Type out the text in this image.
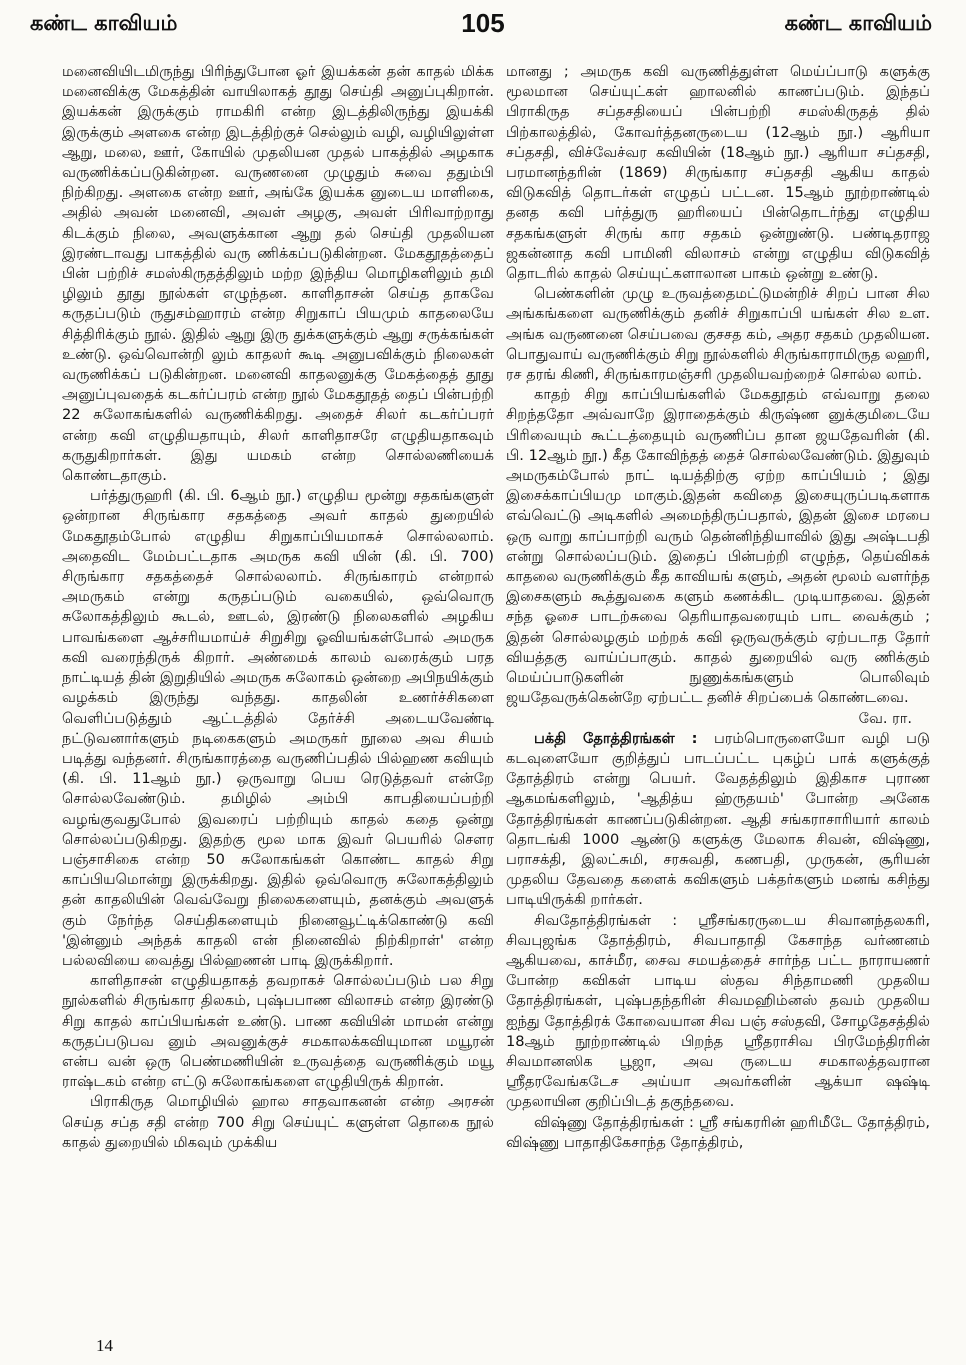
கண்ட காவியம்	105	கண்ட காவியம்

மனைவியிடமிருந்து பிரிந்துபோன ஓர் இயக்கன் தன் காதல் மிக்க மனைவிக்கு மேகத்தின் வாயிலாகத் தூது செய்தி அனுப்புகிறான். இயக்கன் இருக்கும் ராமகிரி என்ற இடத்திலிருந்து இயக்கி இருக்கும் அளகை என்ற இடத்திற்குச் செல்லும் வழி, வழியிலுள்ள ஆறு, மலை, ஊர், கோயில் முதலியன முதல் பாகத்தில் அழகாக வருணிக்கப்படுகின்றன. வருணனை முழுதும் சுவை ததும்பி நிற்கிறது. அளகை என்ற ஊர், அங்கே இயக்க னுடைய மாளிகை, அதில் அவன் மனைவி, அவள் அழகு, அவள் பிரிவாற்றாது கிடக்கும் நிலை, அவளுக்கான ஆறு தல் செய்தி முதலியன இரண்டாவது பாகத்தில் வரு ணிக்கப்படுகின்றன. மேகதூதத்தைப் பின் பற்றிச் சமஸ்கிருதத்திலும் மற்ற இந்திய மொழிகளிலும் தமி ழிலும் தூது நூல்கள் எழுந்தன. காளிதாசன் செய்த தாகவே கருதப்படும் ருதுசம்ஹாரம் என்ற சிறுகாப் பியமும் காதலையே சித்திரிக்கும் நூல். இதில் ஆறு இரு துக்களுக்கும் ஆறு சருக்கங்கள் உண்டு. ஒவ்வொன்றி லும் காதலர் கூடி அனுபவிக்கும் நிலைகள் வருணிக்கப் படுகின்றன. மனைவி காதலனுக்கு மேகத்தைத் தூது அனுப்புவதைக் கடகர்ப்பரம் என்ற நூல் மேகதூதத் தைப் பின்பற்றி 22 சுலோகங்களில் வருணிக்கிறது. அதைச் சிலர் கடகர்ப்பரர் என்ற கவி எழுதியதாயும், சிலர் காளிதாசரே எழுதியதாகவும் கருதுகிறார்கள். இது யமகம் என்ற சொல்லணியைக் கொண்டதாகும்.

பர்த்துருஹரி (கி. பி. 6ஆம் நூ.) எழுதிய மூன்று சதகங்களுள் ஒன்றான சிருங்கார சதகத்தை அவர் காதல் துறையில் மேகதூதம்போல் எழுதிய சிறுகாப்பியமாகச் சொல்லலாம். அதைவிட மேம்பட்டதாக அமருக கவி யின் (கி. பி. 700) சிருங்கார சதகத்தைச் சொல்லலாம். சிருங்காரம் என்றால் அமருகம் என்று கருதப்படும் வகையில், ஒவ்வொரு சுலோகத்திலும் கூடல், ஊடல், இரண்டு நிலைகளில் அழகிய பாவங்களை ஆச்சரியமாய்ச் சிறுசிறு ஓவியங்கள்போல் அமருக கவி வரைந்திருக் கிறார். அண்மைக் காலம் வரைக்கும் பரத நாட்டியத் தின் இறுதியில் அமருக சுலோகம் ஒன்றை அபிநயிக்கும் வழக்கம் இருந்து வந்தது. காதலின் உணர்ச்சிகளை வெளிப்படுத்தும் ஆட்டத்தில் தேர்ச்சி அடையவேண்டி நட்டுவனார்களும் நடிகைகளும் அமருகர் நூலை அவ சியம் படித்து வந்தனர். சிருங்காரத்தை வருணிப்பதில் பில்ஹண கவியும் (கி. பி. 11ஆம் நூ.) ஒருவாறு பெய ரெடுத்தவர் என்றே சொல்லவேண்டும். தமிழில் அம்பி காபதியைப்பற்றி வழங்குவதுபோல் இவரைப் பற்றியும் காதல் கதை ஒன்று சொல்லப்படுகிறது. இதற்கு மூல மாக இவர் பெயரில் சௌர பஞ்சாசிகை என்ற 50 சுலோகங்கள் கொண்ட காதல் சிறு காப்பியமொன்று இருக்கிறது. இதில் ஒவ்வொரு சுலோகத்திலும் தன் காதலியின் வெவ்வேறு நிலைகளையும், தனக்கும் அவளுக் கும் நேர்ந்த செய்திகளையும் நினைவூட்டிக்கொண்டு கவி 'இன்னும் அந்தக் காதலி என் நினைவில் நிற்கிறாள்' என்ற பல்லவியை வைத்து பில்ஹணன் பாடி இருக்கிறார்.

காளிதாசன் எழுதியதாகத் தவறாகச் சொல்லப்படும் பல சிறு நூல்களில் சிருங்கார திலகம், புஷ்பபாண விலாசம் என்ற இரண்டு சிறு காதல் காப்பியங்கள் உண்டு. பாண கவியின் மாமன் என்று கருதப்படுபவ னும் அவனுக்குச் சமகாலக்கவியுமான மயூரன் என்ப வன் ஒரு பெண்மணியின் உருவத்தை வருணிக்கும் மயூ ராஷ்டகம் என்ற எட்டு சுலோகங்களை எழுதியிருக் கிறான்.

பிராகிருத மொழியில் ஹால சாதவாகனன் என்ற அரசன் செய்த சப்த சதி என்ற 700 சிறு செய்யுட் களுள்ள தொகை நூல் காதல் துறையில் மிகவும் முக்கிய

மானது ; அமருக கவி வருணித்துள்ள மெய்ப்பாடு களுக்கு மூலமான செய்யுட்கள் ஹாலனில் காணப்படும். இந்தப் பிராகிருத சப்தசதியைப் பின்பற்றி சமஸ்கிருதத் தில் பிற்காலத்தில், கோவர்த்தனருடைய (12ஆம் நூ.) ஆரியா சப்தசதி, விச்வேச்வர கவியின் (18ஆம் நூ.) ஆரியா சப்தசதி, பரமானந்தரின் (1869) சிருங்கார சப்தசதி ஆகிய காதல் விடுகவித் தொடர்கள் எழுதப் பட்டன. 15ஆம் நூற்றாண்டில் தனத கவி பர்த்துரு ஹரியைப் பின்தொடர்ந்து எழுதிய சதகங்களுள் சிருங் கார சதகம் ஒன்றுண்டு. பண்டிதராஜ ஜகன்னாத கவி பாமினி விலாசம் என்று எழுதிய விடுகவித் தொடரில் காதல் செய்யுட்களாலான பாகம் ஒன்று உண்டு.

பெண்களின் முழு உருவத்தைமட்டுமன்றிச் சிறப் பான சில அங்கங்களை வருணிக்கும் தனிச் சிறுகாப்பி யங்கள் சில உள. அங்க வருணனை செய்பவை குசசத கம், அதர சதகம் முதலியன. பொதுவாய் வருணிக்கும் சிறு நூல்களில் சிருங்காராமிருத லஹரி, ரச தரங் கிணி, சிருங்காரமஞ்சரி முதலியவற்றைச் சொல்ல லாம்.

காதற் சிறு காப்பியங்களில் மேகதூதம் எவ்வாறு தலை சிறந்ததோ அவ்வாறே இராதைக்கும் கிருஷ்ண னுக்குமிடையே பிரிவையும் கூட்டத்தையும் வருணிப்ப தான ஜயதேவரின் (கி. பி. 12ஆம் நூ.) கீத கோவிந்தத் தைச் சொல்லவேண்டும். இதுவும் அமருகம்போல் நாட் டியத்திற்கு ஏற்ற காப்பியம் ; இது இசைக்காப்பியமு மாகும்.இதன் கவிதை இசையுருப்படிகளாக எவ்வெட்டு அடிகளில் அமைந்திருப்பதால், இதன் இசை மரபை ஒரு வாறு காப்பாற்றி வரும் தென்னிந்தியாவில் இது அஷ்டபதி என்று சொல்லப்படும். இதைப் பின்பற்றி எழுந்த, தெய்விகக் காதலை வருணிக்கும் கீத காவியங் களும், அதன் மூலம் வளர்ந்த இசைகளும் கூத்துவகை களும் கணக்கிட முடியாதவை. இதன் சந்த ஓசை பாடற்சுவை தெரியாதவரையும் பாட வைக்கும் ; இதன் சொல்லழகும் மற்றக் கவி ஒருவருக்கும் ஏற்படாத தோர் வியத்தகு வாய்ப்பாகும். காதல் துறையில் வரு ணிக்கும் மெய்ப்பாடுகளின் நுணுக்கங்களும் பொலிவும் ஜயதேவருக்கென்றே ஏற்பட்ட தனிச் சிறப்பைக் கொண்டவை.

வே. ரா.

பக்தி தோத்திரங்கள் : பரம்பொருளையோ வழி படு கடவுளையோ குறித்துப் பாடப்பட்ட புகழ்ப் பாக் களுக்குத் தோத்திரம் என்று பெயர். வேதத்திலும் இதிகாச புராண ஆகமங்களிலும், 'ஆதித்ய ஹ்ருதயம்' போன்ற அனேக தோத்திரங்கள் காணப்படுகின்றன. ஆதி சங்கராசாரியார் காலம் தொடங்கி 1000 ஆண்டு களுக்கு மேலாக சிவன், விஷ்ணு, பராசக்தி, இலட்சுமி, சரசுவதி, கணபதி, முருகன், சூரியன் முதலிய தேவதை களைக் கவிகளும் பக்தர்களும் மனங் கசிந்து பாடியிருக்கி றார்கள்.

சிவதோத்திரங்கள் : ஸ்ரீசங்கரருடைய சிவானந்தலகரி, சிவபுஜங்க தோத்திரம், சிவபாதாதி கேசாந்த வர்ணனம் ஆகியவை, காச்மீர, சைவ சமயத்தைச் சார்ந்த பட்ட நாராயணர் போன்ற கவிகள் பாடிய ஸ்தவ சிந்தாமணி முதலிய தோத்திரங்கள், புஷ்பதந்தரின் சிவமஹிம்னஸ் தவம் முதலிய ஐந்து தோத்திரக் கோவையான சிவ பஞ் சஸ்தவி, சோழதேசத்தில் 18ஆம் நூற்றாண்டில் பிறந்த ஸ்ரீதராசிவ பிரமேந்திரரின் சிவமானஸிக பூஜா, அவ ருடைய சமகாலத்தவரான ஸ்ரீதரவேங்கடேச அய்யா அவர்களின் ஆக்யா ஷஷ்டி முதலாயின குறிப்பிடத் தகுந்தவை.

விஷ்ணு தோத்திரங்கள் : ஸ்ரீ சங்கரரின் ஹரிமீடே தோத்திரம், விஷ்ணு பாதாதிகேசாந்த தோத்திரம்,

14
